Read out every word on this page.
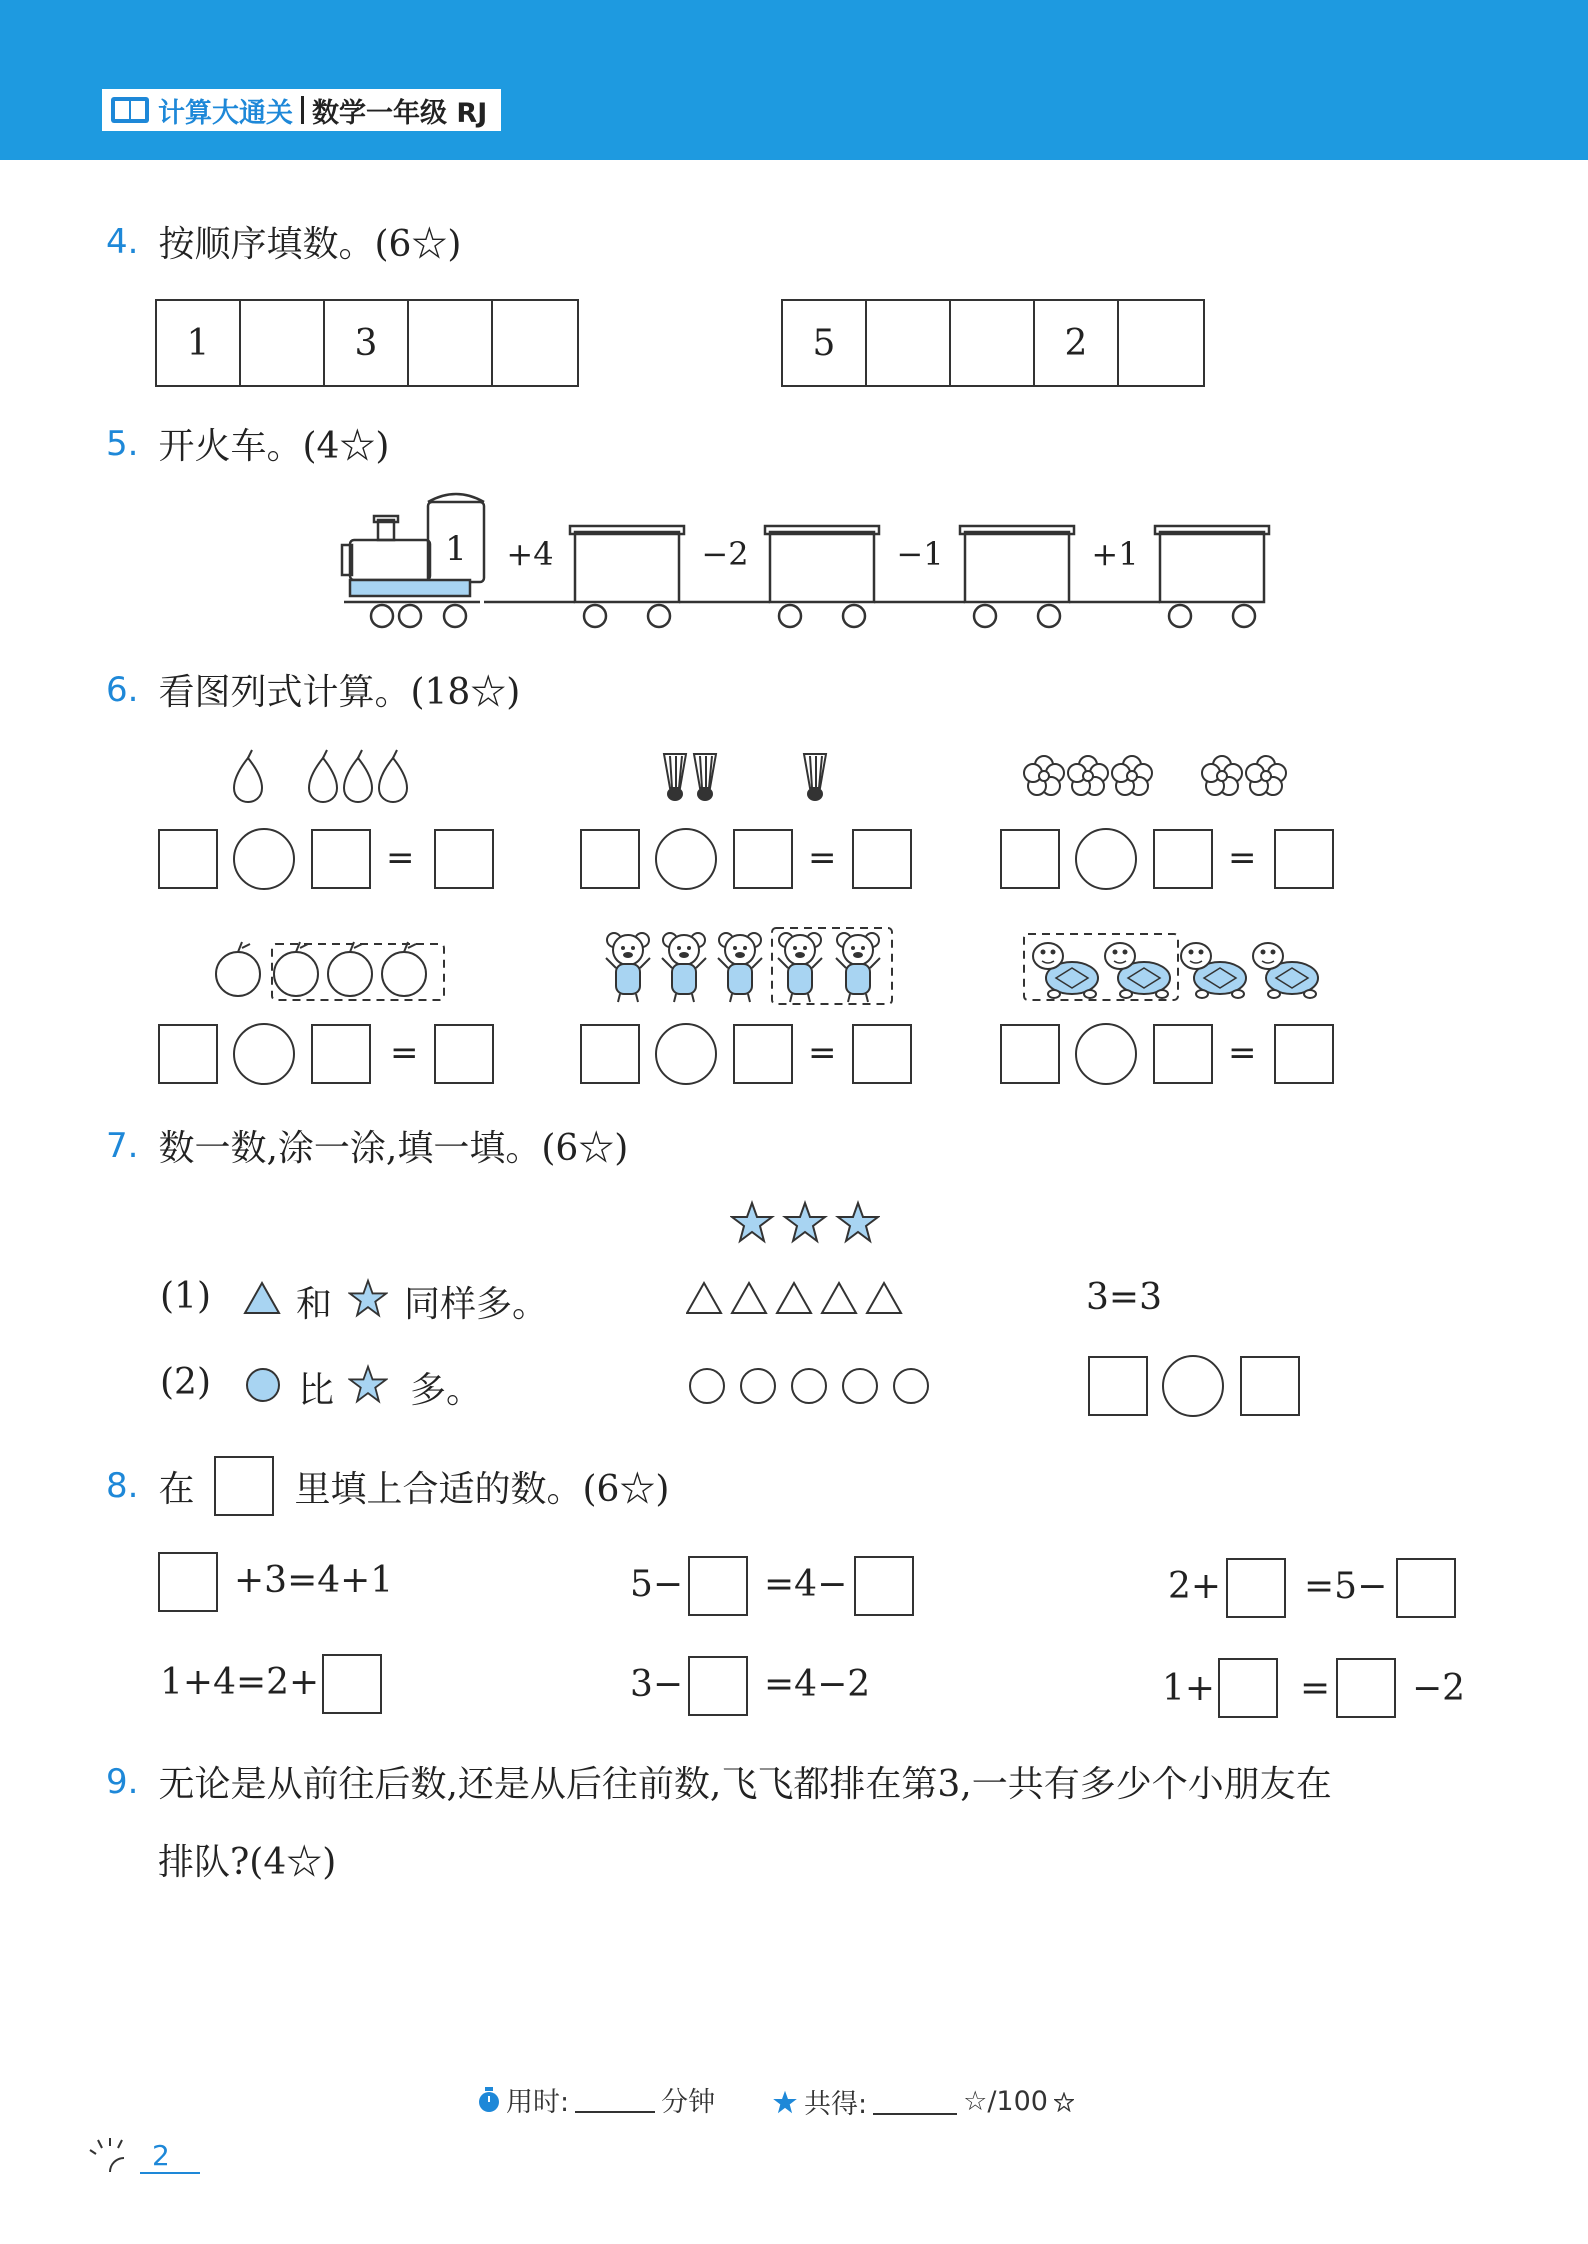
计算大通关 数学一年级 RJ
4. 按顺序填数。(6☆)
1	3	5	2
5. 开火车。(4☆)
1 +4	−2	−1	+1
6. 看图列式计算。(18☆)
=	=	=
=	=	=
7. 数一数,涂一涂,填一填。(6☆)
(1) 和 同样多。	3=3
(2) 比 多。
8. 在	里填上合适的数。(6☆)
+3=4+1	5− =4−	2+ =5−
1+4=2+	3− =4−2	1+ = −2
9. 无论是从前往后数,还是从后往前数,飞飞都排在第3,一共有多少个小朋友在
排队?(4☆)
用时:	分钟	共得:	☆/100
2
